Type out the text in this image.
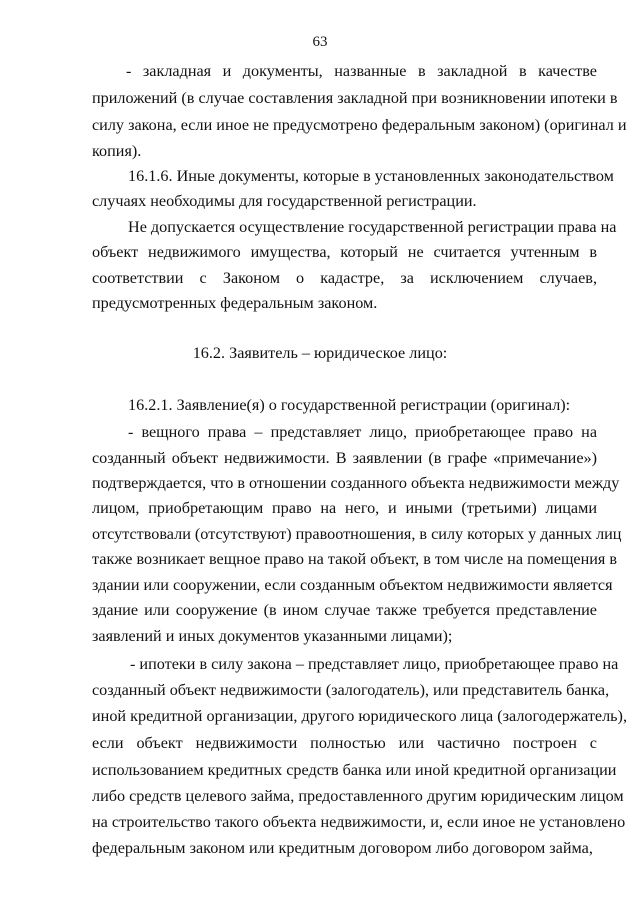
63
- закладная и документы, названные в закладной в качестве
приложений (в случае составления закладной при возникновении ипотеки в
силу закона, если иное не предусмотрено федеральным законом) (оригинал и
копия).
16.1.6. Иные документы, которые в установленных законодательством
случаях необходимы для государственной регистрации.
Не допускается осуществление государственной регистрации права на
объект недвижимого имущества, который не считается учтенным в
соответствии с Законом о кадастре, за исключением случаев,
предусмотренных федеральным законом.
16.2. Заявитель – юридическое лицо:
16.2.1. Заявление(я) о государственной регистрации (оригинал):
- вещного права – представляет лицо, приобретающее право на
созданный объект недвижимости. В заявлении (в графе «примечание»)
подтверждается, что в отношении созданного объекта недвижимости между
лицом, приобретающим право на него, и иными (третьими) лицами
отсутствовали (отсутствуют) правоотношения, в силу которых у данных лиц
также возникает вещное право на такой объект, в том числе на помещения в
здании или сооружении, если созданным объектом недвижимости является
здание или сооружение (в ином случае также требуется представление
заявлений и иных документов указанными лицами);
- ипотеки в силу закона – представляет лицо, приобретающее право на
созданный объект недвижимости (залогодатель), или представитель банка,
иной кредитной организации, другого юридического лица (залогодержатель),
если объект недвижимости полностью или частично построен с
использованием кредитных средств банка или иной кредитной организации
либо средств целевого займа, предоставленного другим юридическим лицом
на строительство такого объекта недвижимости, и, если иное не установлено
федеральным законом или кредитным договором либо договором займа,
